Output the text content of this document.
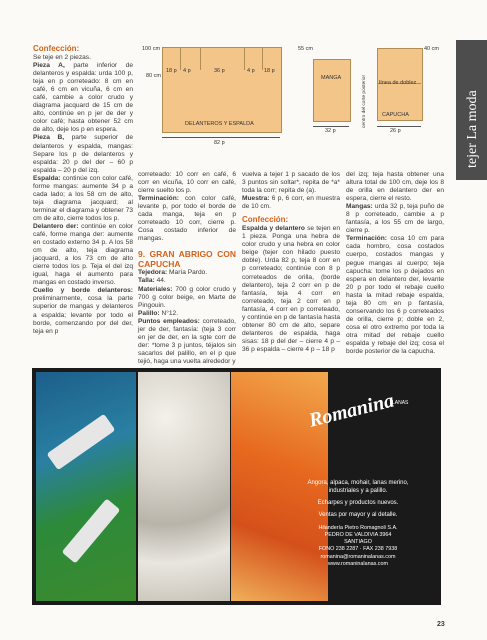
tejer La moda
100 cm
80 cm
18 p 4 p	36 p	4 p 18 p
DELANTEROS Y ESPALDA
82 p
55 cm
MANGA
32 p
40 cm
línea de doblez
CAPUCHA
centro del corte posterior
26 p
Confección:
Se teje en 2 piezas.
Pieza A, parte inferior de delanteros y espalda: urda 100 p, teja en p correteado: 8 cm en café, 6 cm en vicuña, 6 cm en café, cambie a color crudo y diagrama jacquard de 15 cm de alto, continúe en p jer de der y color café; hasta obtener 52 cm de alto, deje los p en espera.
Pieza B, parte superior de delanteros y espalda, mangas: Separe los p de delanteros y espalda: 20 p del der – 60 p espalda – 20 p del izq.
Espalda: continúe con color café, forme mangas: aumente 34 p a cada lado; a los 58 cm de alto, teja diagrama jacquard; al terminar el diagrama y obtener 73 cm de alto, cierre todos los p.
Delantero der: continúe en color café, forme manga der: aumente en costado externo 34 p. A los 58 cm de alto, teja diagrama jacquard, a los 73 cm de alto cierre todos los p. Teja el del izq igual, haga el aumento para mangas en costado inverso.
Cuello y borde delanteros: preliminarmente, cosa la parte superior de mangas y delanteros a espalda; levante por todo el borde, comenzando por del der, teja en p
correteado: 10 corr en café, 6 corr en vicuña, 10 corr en café, cierre suelto los p.
Terminación: con color café, levante p, por todo el borde de cada manga, teja en p correteado 10 corr, cierre p. Cosa costado inferior de mangas.
9. GRAN ABRIGO CON CAPUCHA
Tejedora: María Pardo.
Talla: 44.
Materiales: 700 g color crudo y 700 g color beige, en Marte de Pingouin.
Palillo: N°12.
Puntos empleados: correteado, jer de der, fantasía: (teja 3 corr en jer de der, en la sgte corr de der: *tome 3 p juntos, téjalos sin sacarlos del palillo, en el p que tejió, haga una vuelta alrededor y
vuelva a tejer 1 p sacado de los 3 puntos sin soltar*, repita de *a* toda la corr; repita de (a).
Muestra: 6 p, 6 corr, en muestra de 10 cm.
Confección:
Espalda y delantero se tejen en 1 pieza. Ponga una hebra de color crudo y una hebra en color beige (tejer con hilado puesto doble). Urda 82 p, teja 8 corr en p correteado; continúe con 8 p correteados de orilla, (borde delantero), teja 2 corr en p de fantasía, teja 4 corr en correteado, teja 2 corr en p fantasía, 4 corr en p correteado, y continúe en p de fantasía hasta obtener 80 cm de alto, separe delanteros de espalda, haga sisas: 18 p del der – cierre 4 p – 36 p espalda – cierre 4 p – 18 p
del izq; teja hasta obtener una altura total de 100 cm, deje los 8 de orilla en delantero der en espera, cierre el resto.
Mangas: urda 32 p, teja puño de 8 p correteado, cambie a p fantasía, a los 55 cm de largo, cierre p.
Terminación: cosa 10 cm para cada hombro, cosa costados cuerpo, costados mangas y pegue mangas al cuerpo; teja capucha: tome los p dejados en espera en delantero der, levante 20 p por todo el rebaje cuello hasta la mitad rebaje espalda, teja 80 cm en p fantasía, conservando los 6 p correteados de orilla, cierre p; doble en 2, cosa el otro extremo por toda la otra mitad del rebaje cuello espalda y rebaje del izq; cosa el borde posterior de la capucha.
Romanina
LANAS
Angora, alpaca, mohair, lanas merino, industriales y a palillo.
Echarpes y productos nuevos.
Ventas por mayor y al detalle.
Hilandería Pietro Romagnoli S.A.
PEDRO DE VALDIVIA 3964
SANTIAGO
FONO 238 2287 · FAX 238 7938
romanina@romaninalanas.com
www.romaninalanas.com
23
